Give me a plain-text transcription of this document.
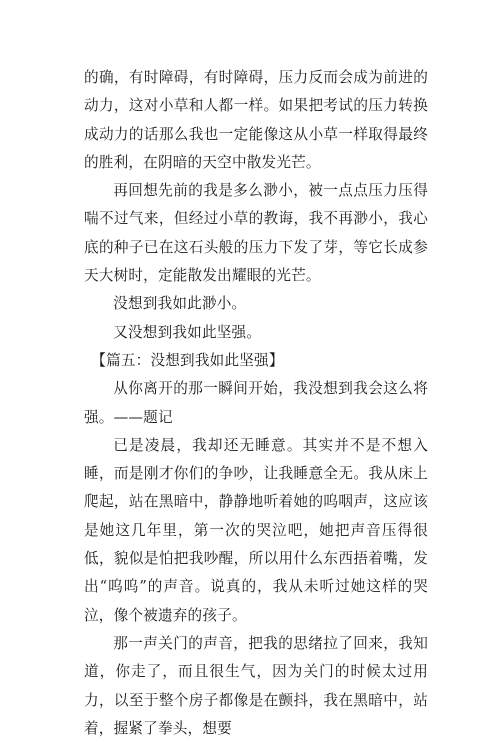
的确，有时障碍，有时障碍，压力反而会成为前进的动力，这对小草和人都一样。如果把考试的压力转换成动力的话那么我也一定能像这从小草一样取得最终的胜利，在阴暗的天空中散发光芒。

再回想先前的我是多么渺小，被一点点压力压得喘不过气来，但经过小草的教诲，我不再渺小，我心底的种子已在这石头般的压力下发了芽，等它长成参天大树时，定能散发出耀眼的光芒。

没想到我如此渺小。

又没想到我如此坚强。

【篇五：没想到我如此坚强】

从你离开的那一瞬间开始，我没想到我会这么将强。——题记

已是凌晨，我却还无睡意。其实并不是不想入睡，而是刚才你们的争吵，让我睡意全无。我从床上爬起，站在黑暗中，静静地听着她的呜咽声，这应该是她这几年里，第一次的哭泣吧，她把声音压得很低，貌似是怕把我吵醒，所以用什么东西捂着嘴，发出“呜呜”的声音。说真的，我从未听过她这样的哭泣，像个被遗弃的孩子。

那一声关门的声音，把我的思绪拉了回来，我知道，你走了，而且很生气，因为关门的时候太过用力，以至于整个房子都像是在颤抖，我在黑暗中，站着，握紧了拳头，想要
